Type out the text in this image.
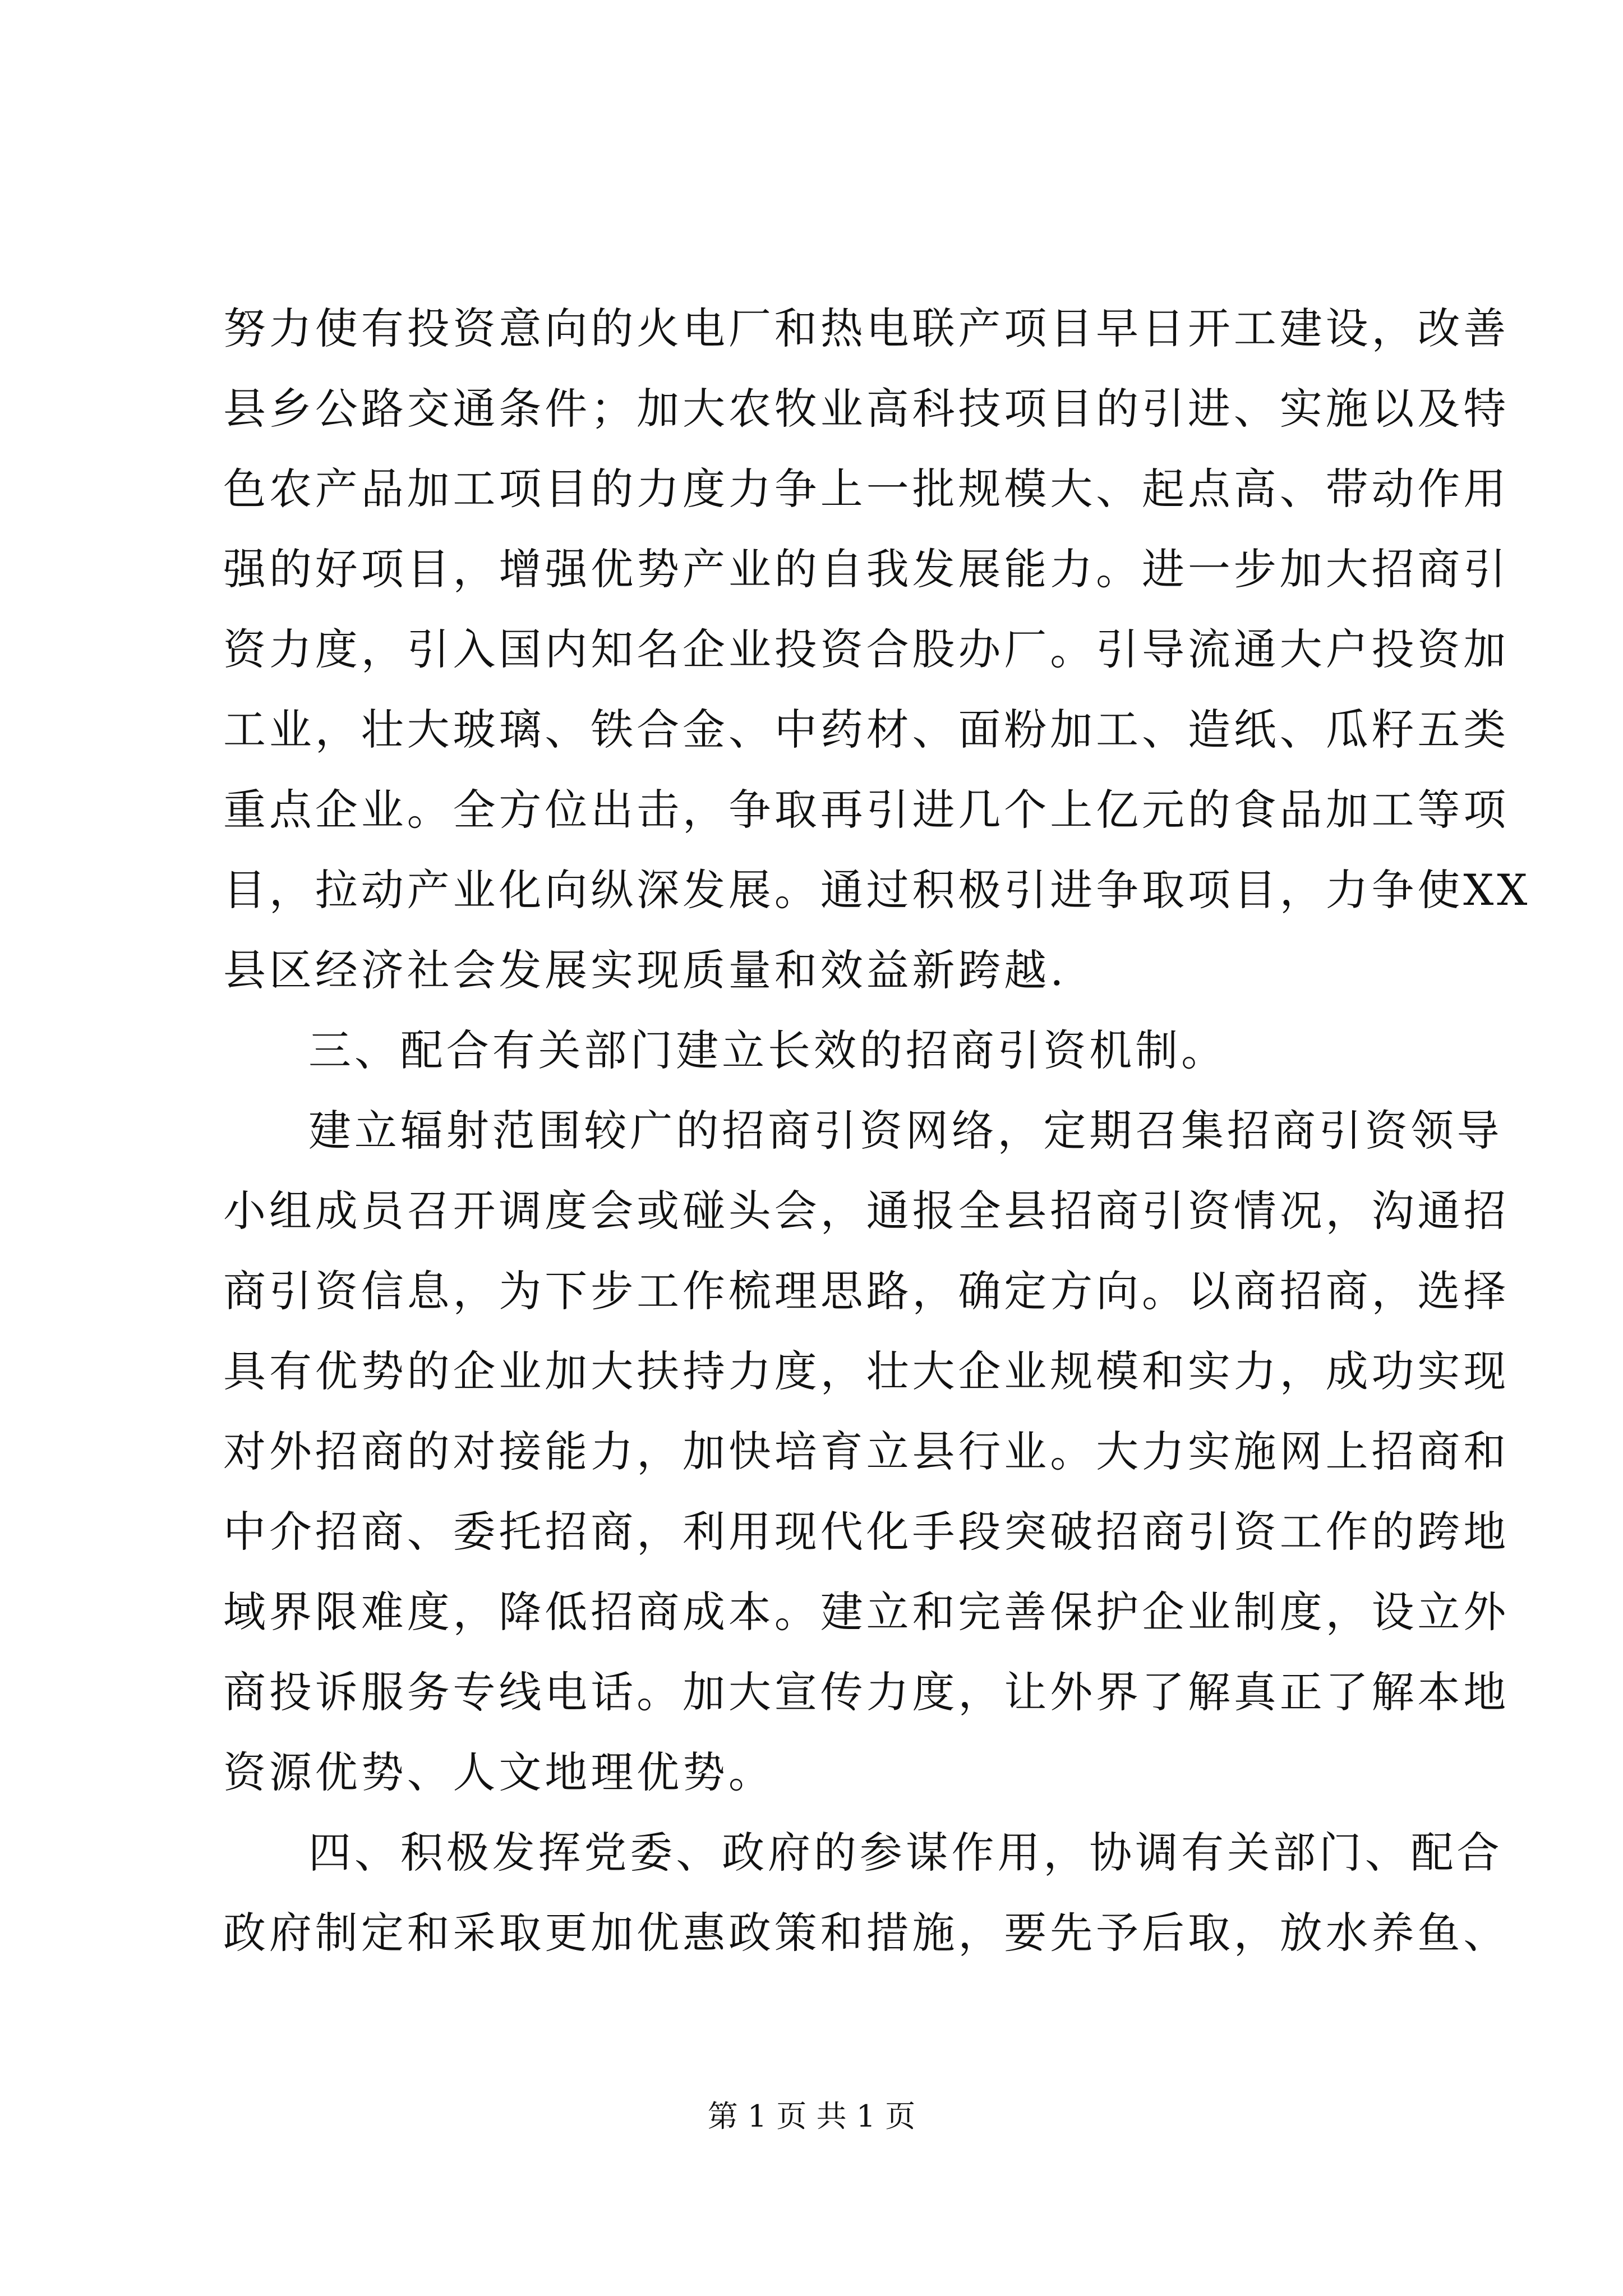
努力使有投资意向的火电厂和热电联产项目早日开工建设，改善
县乡公路交通条件；加大农牧业高科技项目的引进、实施以及特
色农产品加工项目的力度力争上一批规模大、起点高、带动作用
强的好项目，增强优势产业的自我发展能力。进一步加大招商引
资力度，引入国内知名企业投资合股办厂。引导流通大户投资加
工业，壮大玻璃、铁合金、中药材、面粉加工、造纸、瓜籽五类
重点企业。全方位出击，争取再引进几个上亿元的食品加工等项
目，拉动产业化向纵深发展。通过积极引进争取项目，力争使XX
县区经济社会发展实现质量和效益新跨越.
三、配合有关部门建立长效的招商引资机制。
建立辐射范围较广的招商引资网络，定期召集招商引资领导
小组成员召开调度会或碰头会，通报全县招商引资情况，沟通招
商引资信息，为下步工作梳理思路，确定方向。以商招商，选择
具有优势的企业加大扶持力度，壮大企业规模和实力，成功实现
对外招商的对接能力，加快培育立县行业。大力实施网上招商和
中介招商、委托招商，利用现代化手段突破招商引资工作的跨地
域界限难度，降低招商成本。建立和完善保护企业制度，设立外
商投诉服务专线电话。加大宣传力度，让外界了解真正了解本地
资源优势、人文地理优势。
四、积极发挥党委、政府的参谋作用，协调有关部门、配合
政府制定和采取更加优惠政策和措施，要先予后取，放水养鱼、
第 1 页 共 1 页
